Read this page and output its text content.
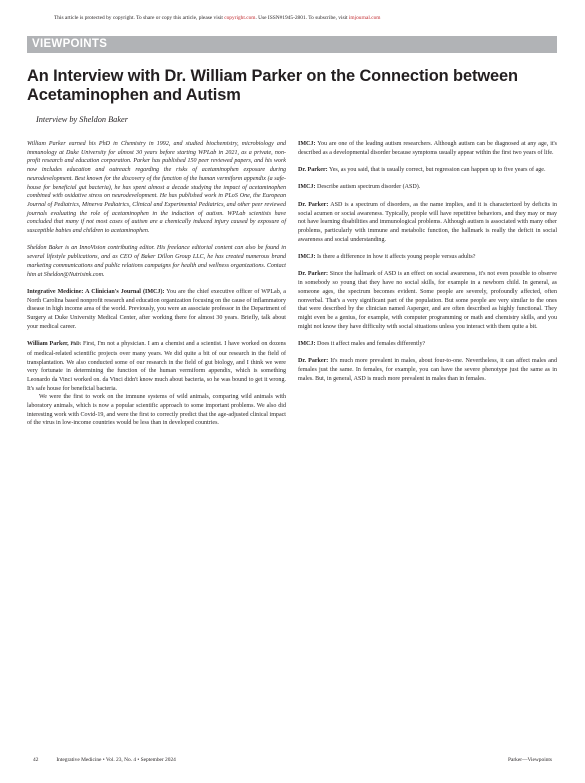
This article is protected by copyright. To share or copy this article, please visit copyright.com. Use ISSN#1945-2801. To subscribe, visit imjournal.com
VIEWPOINTS
An Interview with Dr. William Parker on the Connection between Acetaminophen and Autism
Interview by Sheldon Baker

William Parker earned his PhD in Chemistry in 1992, and studied biochemistry, microbiology and immunology at Duke University for almost 30 years before starting WPLab in 2021, as a private, non-profit research and education corporation. Parker has published 150 peer reviewed papers, and his work now includes education and outreach regarding the risks of acetaminophen exposure during neurodevelopment. Best known for the discovery of the function of the human vermiform appendix (a safe-house for beneficial gut bacteria), he has spent almost a decade studying the impact of acetaminophen combined with oxidative stress on neurodevelopment. He has published work in PLoS One, the European Journal of Pediatrics, Minerva Pediatrics, Clinical and Experimental Pediatrics, and other peer reviewed journals evaluating the role of acetaminophen in the induction of autism. WPLab scientists have concluded that many if not most cases of autism are a chemically induced injury caused by exposure of susceptible babies and children to acetaminophen.

Sheldon Baker is an InnoVision contributing editor. His freelance editorial content can also be found in several lifestyle publications, and as CEO of Baker Dillon Group LLC, he has created numerous brand marketing communications and public relations campaigns for health and wellness organizations. Contact him at Sheldon@Nutrisink.com.

Integrative Medicine: A Clinician's Journal (IMCJ): You are the chief executive officer of WPLab, a North Carolina based nonprofit research and education organization focusing on the cause of inflammatory disease in high income area of the world. Previously, you were an associate professor in the Department of Surgery at Duke University Medical Center, after working there for almost 30 years. Briefly, talk about your medical career.

William Parker, PhD: First, I'm not a physician. I am a chemist and a scientist. I have worked on dozens of medical-related scientific projects over many years. We did quite a bit of our research in the field of transplantation. We also conducted some of our research in the field of gut biology, and I think we were very fortunate in determining the function of the human vermiform appendix, which is something Leonardo da Vinci worked on. da Vinci didn't know much about bacteria, so he was bound to get it wrong. It's safe house for beneficial bacteria.

We were the first to work on the immune systems of wild animals, comparing wild animals with laboratory animals, which is now a popular scientific approach to some important problems. We also did interesting work with Covid-19, and were the first to correctly predict that the age-adjusted clinical impact of the virus in low-income countries would be less than in developed countries.

IMCJ: You are one of the leading autism researchers. Although autism can be diagnosed at any age, it's described as a developmental disorder because symptoms usually appear within the first two years of life.

Dr. Parker: Yes, as you said, that is usually correct, but regression can happen up to five years of age.

IMCJ: Describe autism spectrum disorder (ASD).

Dr. Parker: ASD is a spectrum of disorders, as the name implies, and it is characterized by deficits in social acumen or social awareness. Typically, people will have repetitive behaviors, and they may or may not have learning disabilities and immunological problems. Although autism is associated with many other problems, particularly with immune and metabolic function, the hallmark is really the deficit in social awareness and social understanding.

IMCJ: Is there a difference in how it affects young people versus adults?

Dr. Parker: Since the hallmark of ASD is an effect on social awareness, it's not even possible to observe in somebody so young that they have no social skills, for example in a newborn child. In general, as someone ages, the spectrum becomes evident. Some people are severely, profoundly affected, often nonverbal. That's a very significant part of the population. But some people are very similar to the ones that were described by the clinician named Asperger, and are often described as highly functional. They might even be a genius, for example, with computer programming or math and chemistry skills, and you might not know they have difficulty with social situations unless you interact with them quite a bit.

IMCJ: Does it affect males and females differently?

Dr. Parker: It's much more prevalent in males, about four-to-one. Nevertheless, it can affect males and females just the same. In females, for example, you can have the severe phenotype just the same as in males. But, in general, ASD is much more prevalent in males than in females.

42	Integrative Medicine • Vol. 23, No. 4 • September 2024	Parker—Viewpoints
